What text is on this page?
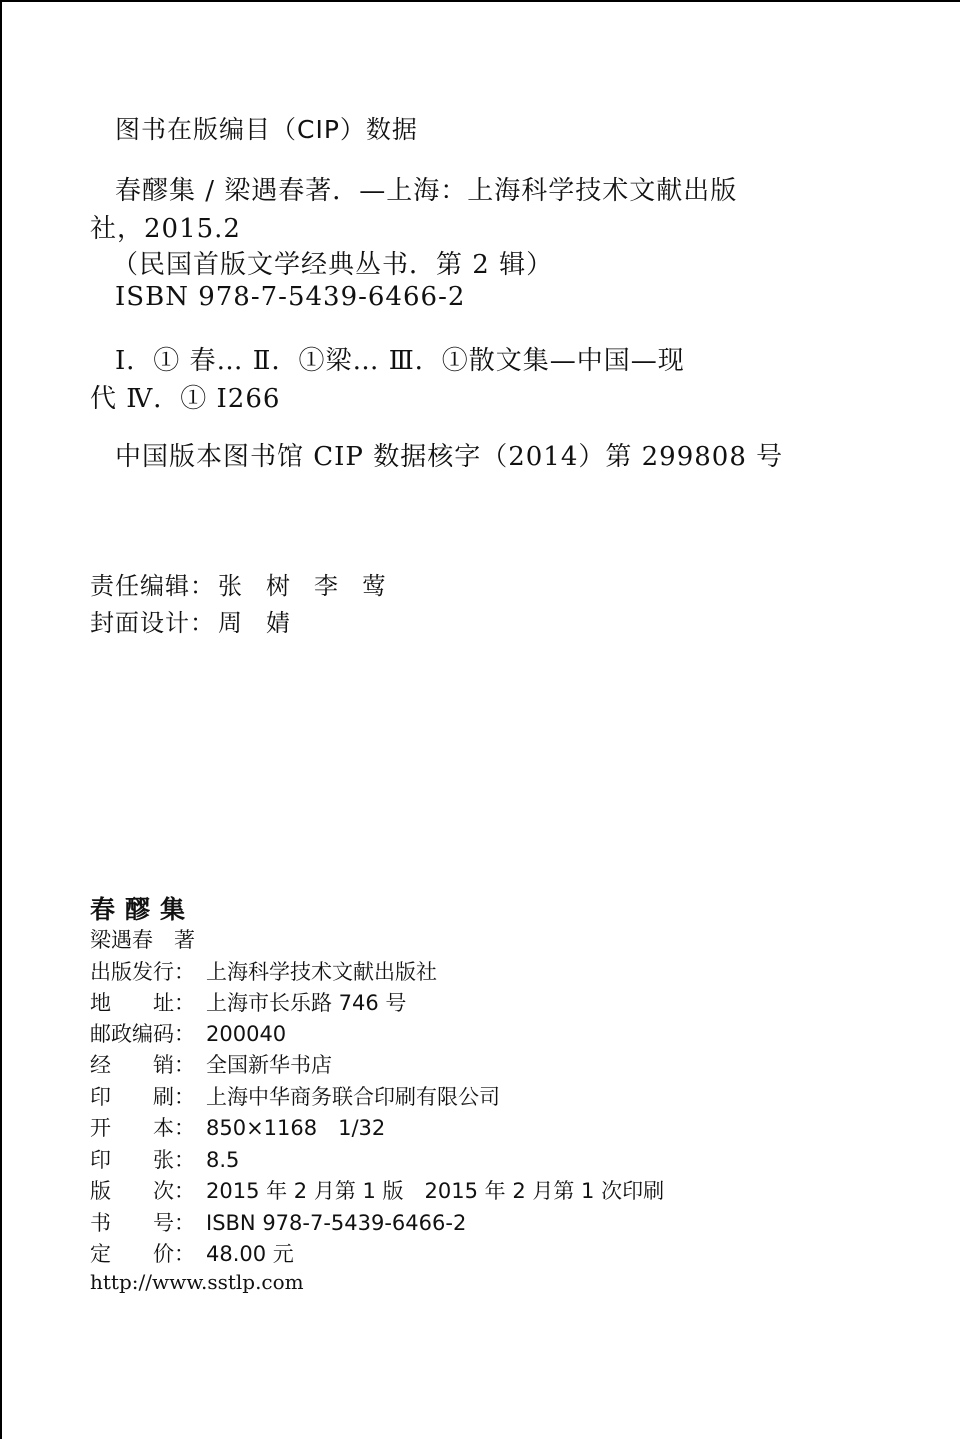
图书在版编目（CIP）数据
春醪集 / 梁遇春著．—上海：上海科学技术文献出版
社，2015.2
（民国首版文学经典丛书．第 2 辑）
ISBN 978-7-5439-6466-2
Ⅰ．① 春… Ⅱ．①梁… Ⅲ．①散文集—中国—现
代 Ⅳ．① I266
中国版本图书馆 CIP 数据核字（2014）第 299808 号
责任编辑： 张树李莺
封面设计： 周婧
春醪集
梁遇春　著
出版发行： 上海科学技术文献出版社
地　　址： 上海市长乐路 746 号
邮政编码： 200040
经　　销： 全国新华书店
印　　刷： 上海中华商务联合印刷有限公司
开　　本： 850×1168　1/32
印　　张： 8.5
版　　次： 2015 年 2 月第 1 版　2015 年 2 月第 1 次印刷
书　　号： ISBN 978-7-5439-6466-2
定　　价： 48.00 元
http://www.sstlp.com
